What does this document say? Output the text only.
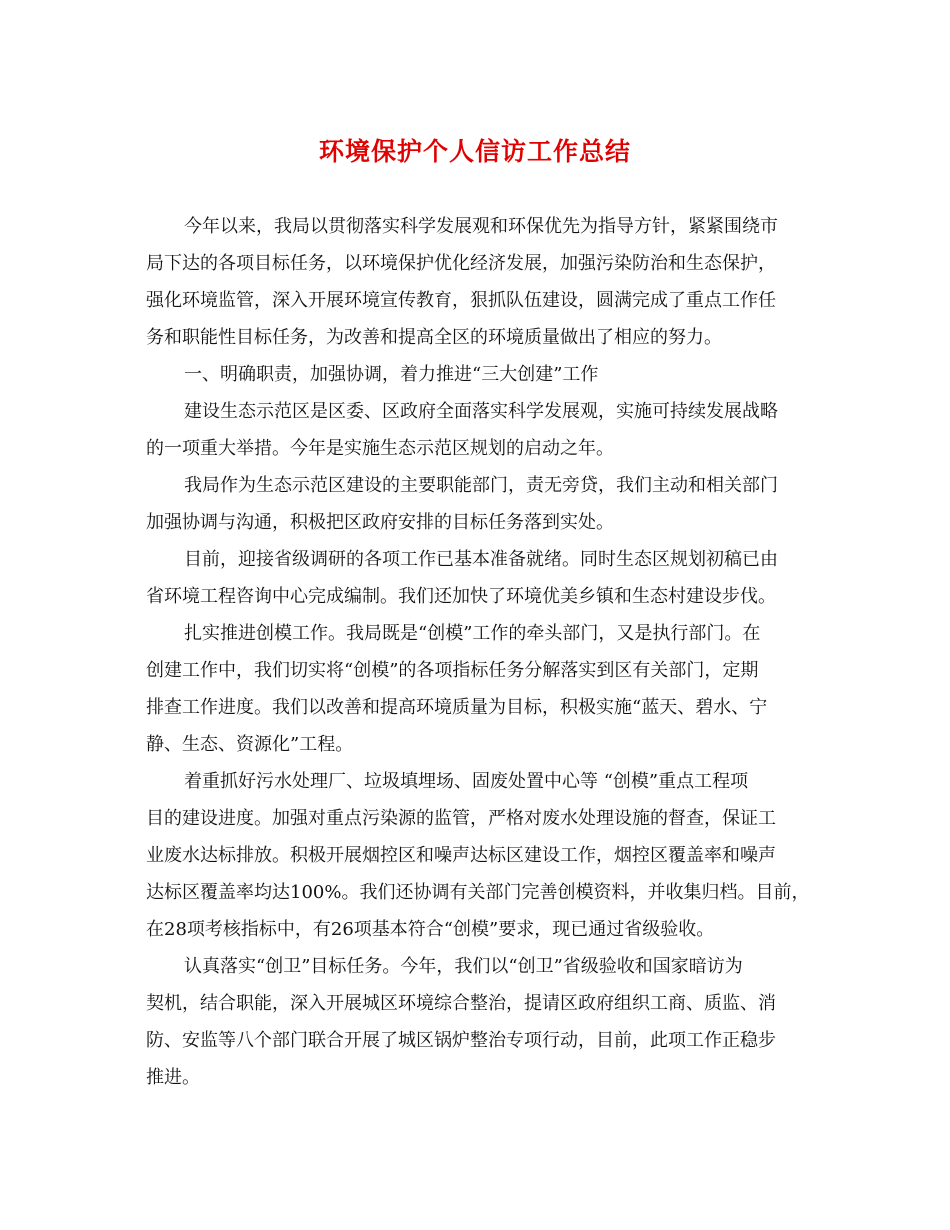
环境保护个人信访工作总结

今年以来，我局以贯彻落实科学发展观和环保优先为指导方针，紧紧围绕市

局下达的各项目标任务，以环境保护优化经济发展，加强污染防治和生态保护，

强化环境监管，深入开展环境宣传教育，狠抓队伍建设，圆满完成了重点工作任

务和职能性目标任务，为改善和提高全区的环境质量做出了相应的努力。

一、明确职责，加强协调，着力推进“三大创建”工作

建设生态示范区是区委、区政府全面落实科学发展观，实施可持续发展战略

的一项重大举措。今年是实施生态示范区规划的启动之年。

我局作为生态示范区建设的主要职能部门，责无旁贷，我们主动和相关部门

加强协调与沟通，积极把区政府安排的目标任务落到实处。

目前，迎接省级调研的各项工作已基本准备就绪。同时生态区规划初稿已由

省环境工程咨询中心完成编制。我们还加快了环境优美乡镇和生态村建设步伐。

扎实推进创模工作。我局既是“创模”工作的牵头部门，又是执行部门。在

创建工作中，我们切实将“创模”的各项指标任务分解落实到区有关部门，定期

排查工作进度。我们以改善和提高环境质量为目标，积极实施“蓝天、碧水、宁

静、生态、资源化”工程。

着重抓好污水处理厂、垃圾填埋场、固废处置中心等 “创模”重点工程项

目的建设进度。加强对重点污染源的监管，严格对废水处理设施的督查，保证工

业废水达标排放。积极开展烟控区和噪声达标区建设工作，烟控区覆盖率和噪声

达标区覆盖率均达100%。我们还协调有关部门完善创模资料，并收集归档。目前，

在28项考核指标中，有26项基本符合“创模”要求，现已通过省级验收。

认真落实“创卫”目标任务。今年，我们以“创卫”省级验收和国家暗访为

契机，结合职能，深入开展城区环境综合整治，提请区政府组织工商、质监、消

防、安监等八个部门联合开展了城区锅炉整治专项行动，目前，此项工作正稳步

推进。
